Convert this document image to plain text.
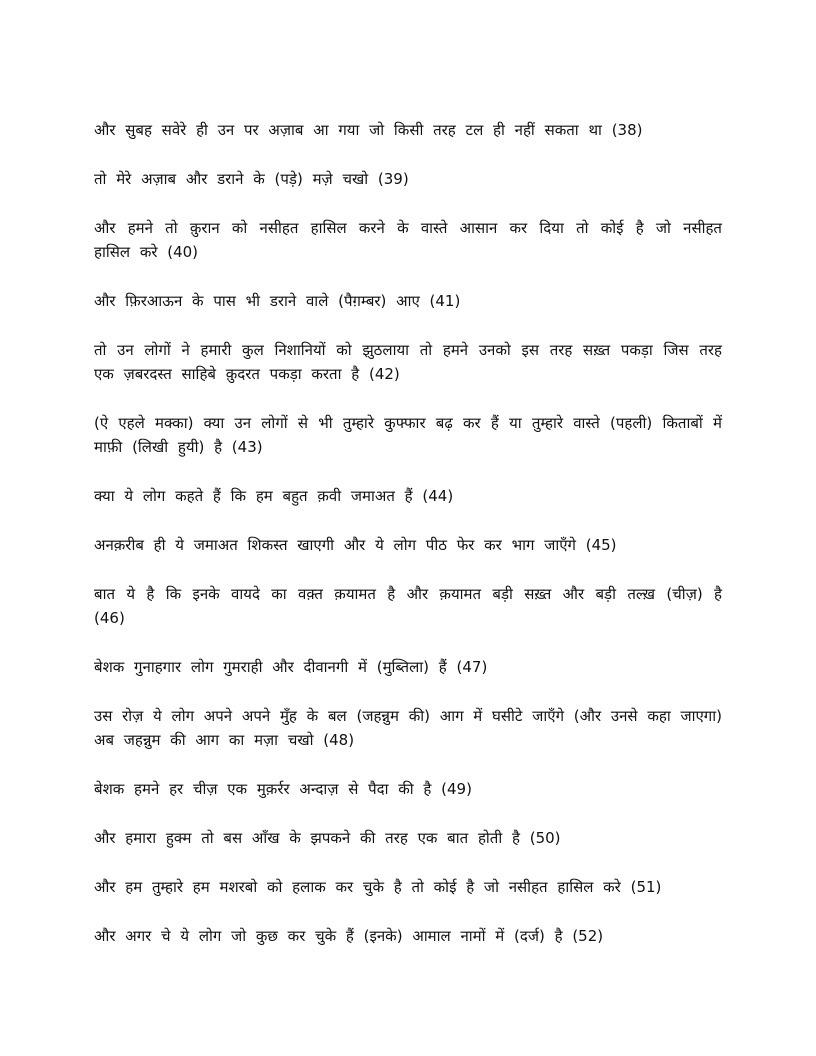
और सुबह सवेरे ही उन पर अज़ाब आ गया जो किसी तरह टल ही नहीं सकता था (38)

तो मेरे अज़ाब और डराने के (पड़े) मज़े चखो (39)

और हमने तो क़ुरान को नसीहत हासिल करने के वास्ते आसान कर दिया तो कोई है जो नसीहत हासिल करे (40)

और फ़िरआऊन के पास भी डराने वाले (पैग़म्बर) आए (41)

तो उन लोगों ने हमारी कुल निशानियों को झुठलाया तो हमने उनको इस तरह सख़्त पकड़ा जिस तरह एक ज़बरदस्त साहिबे क़ुदरत पकड़ा करता है (42)

(ऐ एहले मक्का) क्या उन लोगों से भी तुम्हारे कुफ्फार बढ़ कर हैं या तुम्हारे वास्ते (पहली) किताबों में माफ़ी (लिखी हुयी) है (43)

क्या ये लोग कहते हैं कि हम बहुत क़वी जमाअत हैं (44)

अनक़रीब ही ये जमाअत शिकस्त खाएगी और ये लोग पीठ फेर कर भाग जाएँगे (45)

बात ये है कि इनके वायदे का वक़्त क़यामत है और क़यामत बड़ी सख़्त और बड़ी तल्ख़ (चीज़) है (46)

बेशक गुनाहगार लोग गुमराही और दीवानगी में (मुब्तिला) हैं (47)

उस रोज़ ये लोग अपने अपने मुँह के बल (जहन्नुम की) आग में घसीटे जाएँगे (और उनसे कहा जाएगा) अब जहन्नुम की आग का मज़ा चखो (48)

बेशक हमने हर चीज़ एक मुक़र्रर अन्दाज़ से पैदा की है (49)

और हमारा हुक्म तो बस आँख के झपकने की तरह एक बात होती है (50)

और हम तुम्हारे हम मशरबो को हलाक कर चुके है तो कोई है जो नसीहत हासिल करे (51)

और अगर चे ये लोग जो कुछ कर चुके हैं (इनके) आमाल नामों में (दर्ज) है (52)
